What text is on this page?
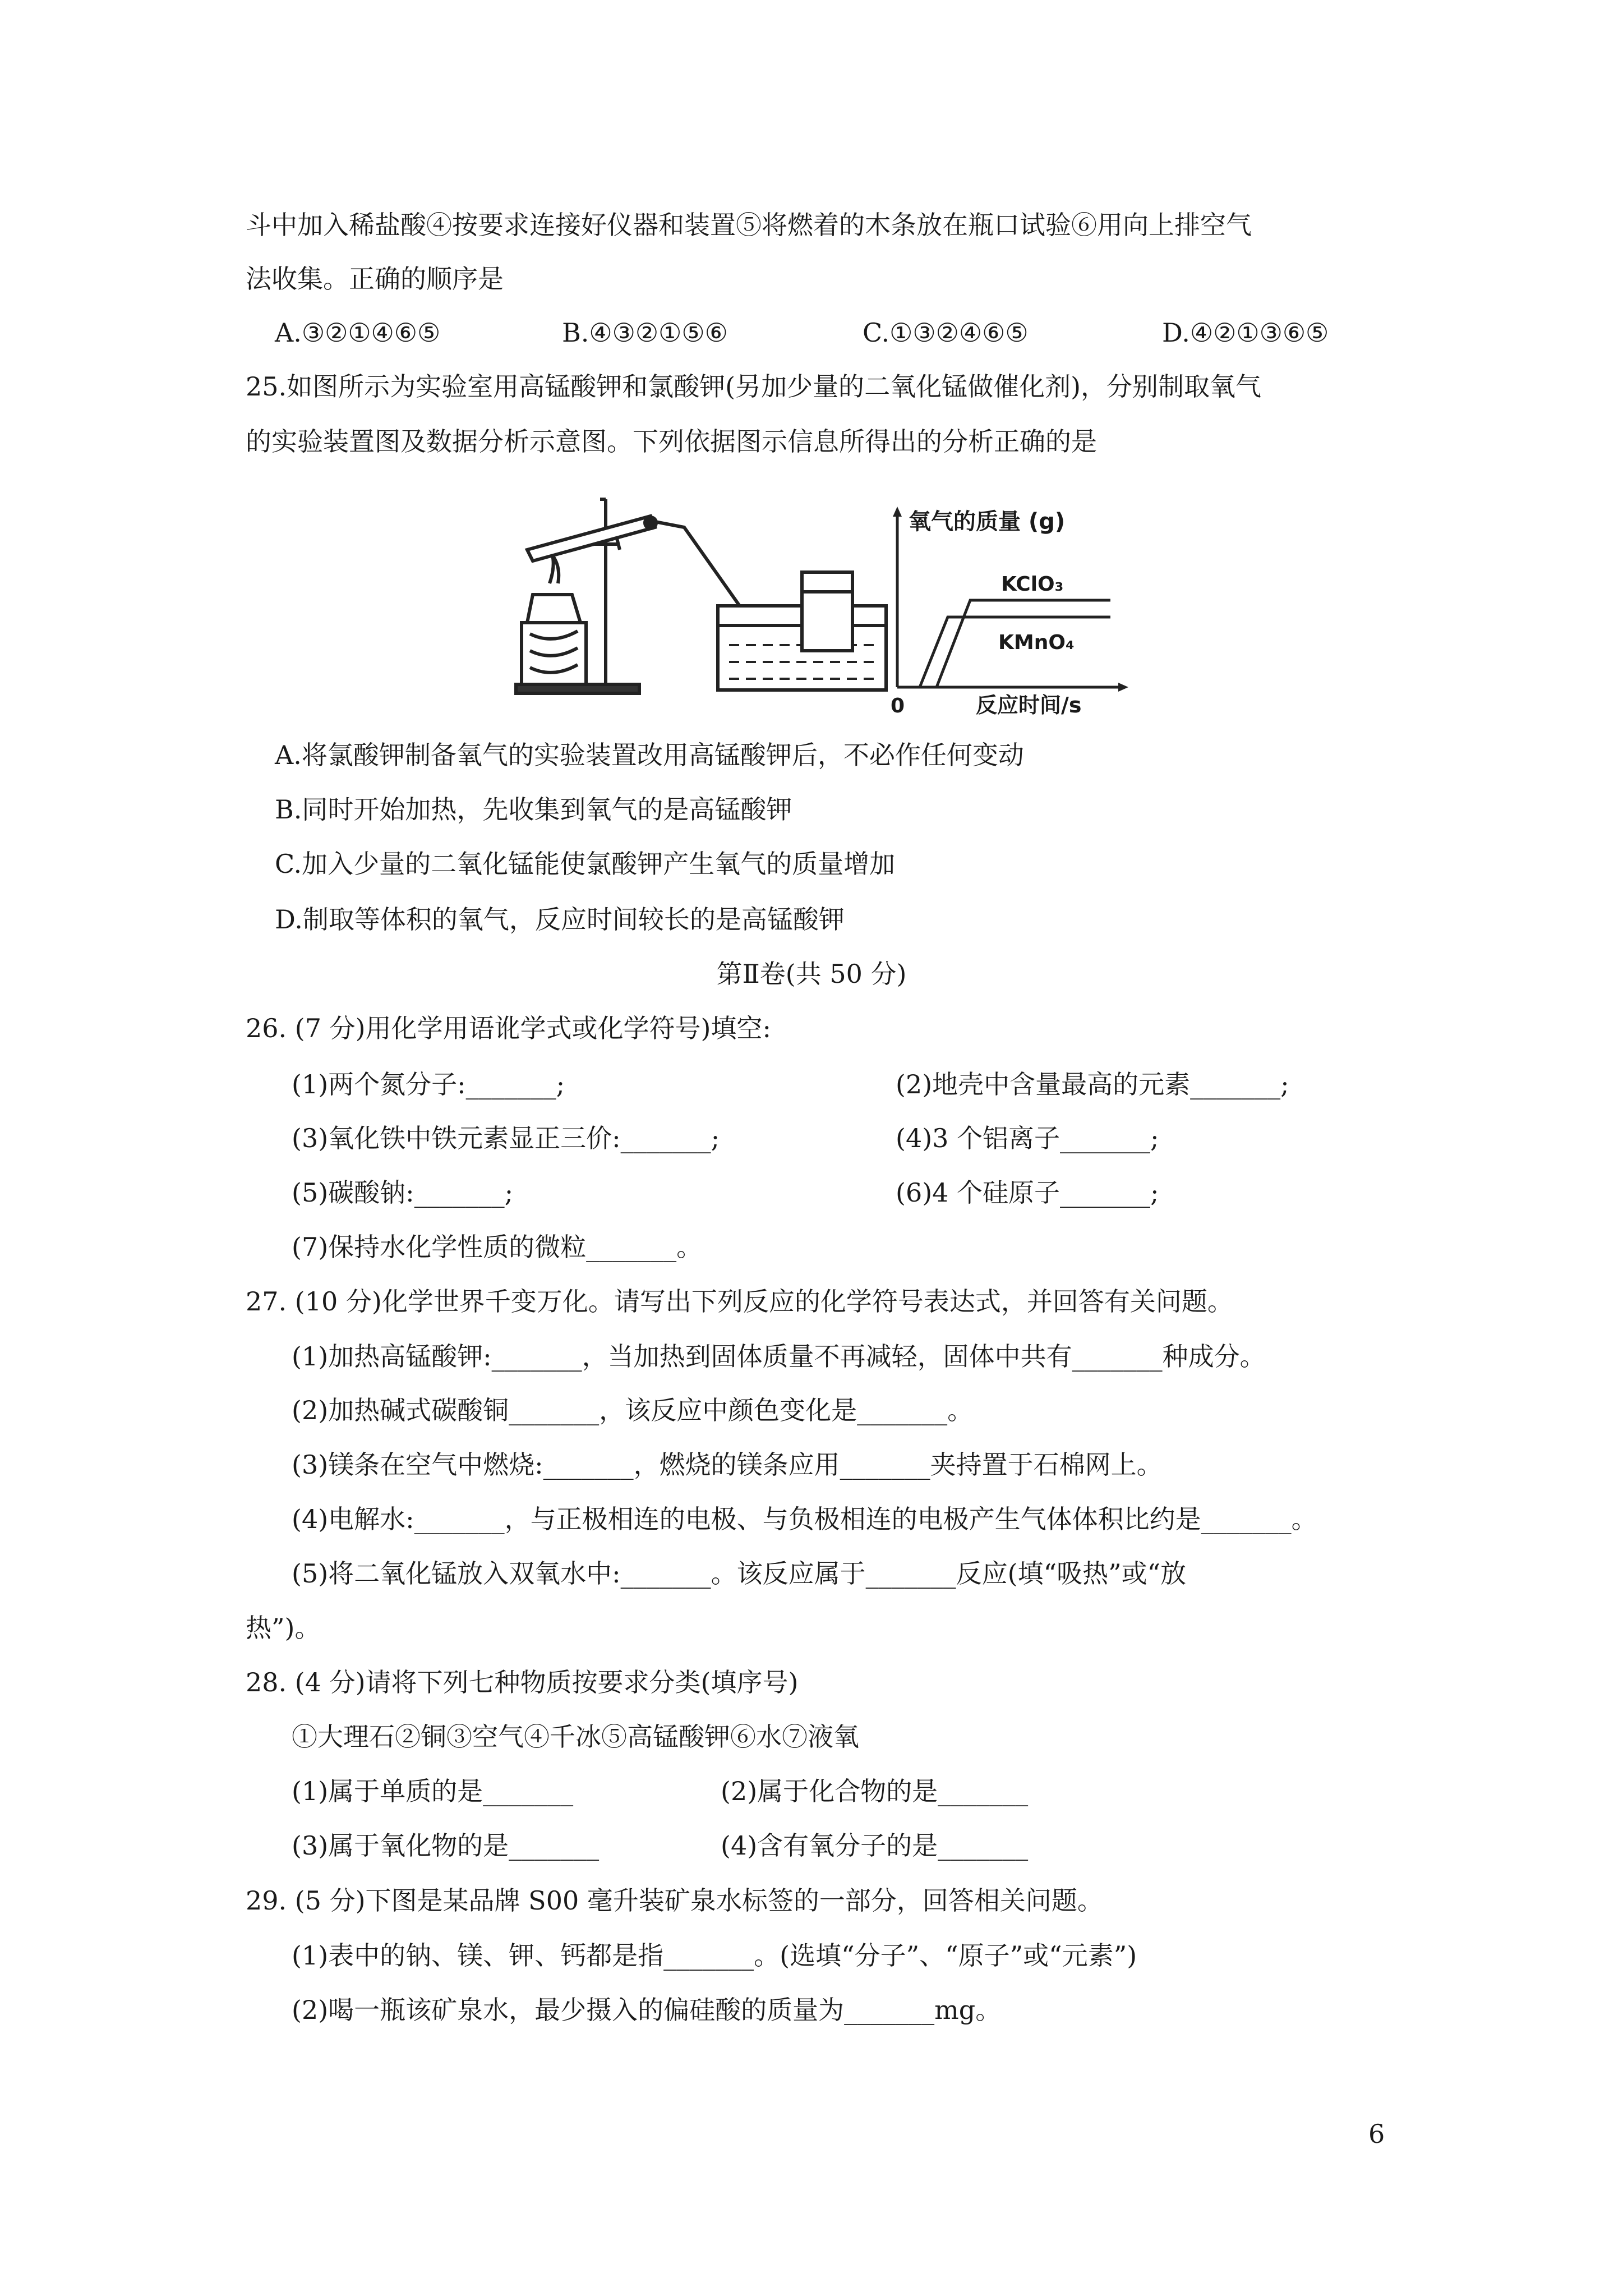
斗中加入稀盐酸④按要求连接好仪器和装置⑤将燃着的木条放在瓶口试验⑥用向上排空气
法收集。正确的顺序是
A.③②①④⑥⑤	B.④③②①⑤⑥	C.①③②④⑥⑤	D.④②①③⑥⑤
25.如图所示为实验室用高锰酸钾和氯酸钾(另加少量的二氧化锰做催化剂)，分别制取氧气
的实验装置图及数据分析示意图。下列依据图示信息所得出的分析正确的是
氧气的质量 (g)
KClO₃
KMnO₄
0	反应时间/s
A.将氯酸钾制备氧气的实验装置改用高锰酸钾后，不必作任何变动
B.同时开始加热，先收集到氧气的是高锰酸钾
C.加入少量的二氧化锰能使氯酸钾产生氧气的质量增加
D.制取等体积的氧气，反应时间较长的是高锰酸钾
第Ⅱ卷(共 50 分)
26. (7 分)用化学用语讹学式或化学符号)填空:
(1)两个氮分子:_______;	(2)地壳中含量最高的元素_______;
(3)氧化铁中铁元素显正三价:_______;	(4)3 个铝离子_______;
(5)碳酸钠:_______;	(6)4 个硅原子_______;
(7)保持水化学性质的微粒_______。
27. (10 分)化学世界千变万化。请写出下列反应的化学符号表达式，并回答有关问题。
(1)加热高锰酸钾:_______，当加热到固体质量不再减轻，固体中共有_______种成分。
(2)加热碱式碳酸铜_______，该反应中颜色变化是_______。
(3)镁条在空气中燃烧:_______，燃烧的镁条应用_______夹持置于石棉网上。
(4)电解水:_______，与正极相连的电极、与负极相连的电极产生气体体积比约是_______。
(5)将二氧化锰放入双氧水中:_______。该反应属于_______反应(填“吸热”或“放
热”)。
28. (4 分)请将下列七种物质按要求分类(填序号)
①大理石②铜③空气④千冰⑤高锰酸钾⑥水⑦液氧
(1)属于单质的是_______	(2)属于化合物的是_______
(3)属于氧化物的是_______	(4)含有氧分子的是_______
29. (5 分)下图是某品牌 S00 毫升装矿泉水标签的一部分，回答相关问题。
(1)表中的钠、镁、钾、钙都是指_______。(选填“分子”、“原子”或“元素”)
(2)喝一瓶该矿泉水，最少摄入的偏硅酸的质量为_______mg。
6
